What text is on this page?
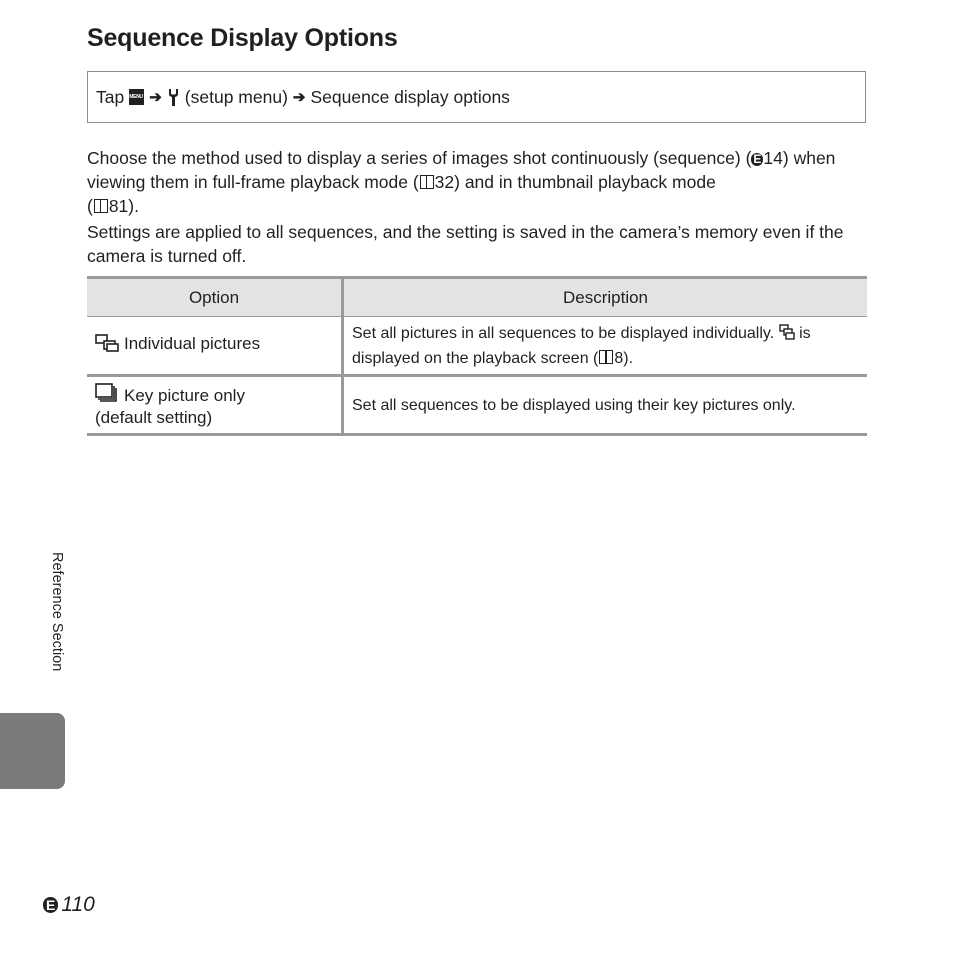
Sequence Display Options
Tap MENU ➔ (setup menu) ➔ Sequence display options

Choose the method used to display a series of images shot continuously (sequence) ( E 14) when viewing them in full-frame playback mode ( 32) and in thumbnail playback mode
( 81).

Settings are applied to all sequences, and the setting is saved in the camera’s memory even if the camera is turned off.

Option	Description
Individual pictures	Set all pictures in all sequences to be displayed individually.  is displayed on the playback screen ( 8).
Key picture only
(default setting)	Set all sequences to be displayed using their key pictures only.
Reference Section
E 110
